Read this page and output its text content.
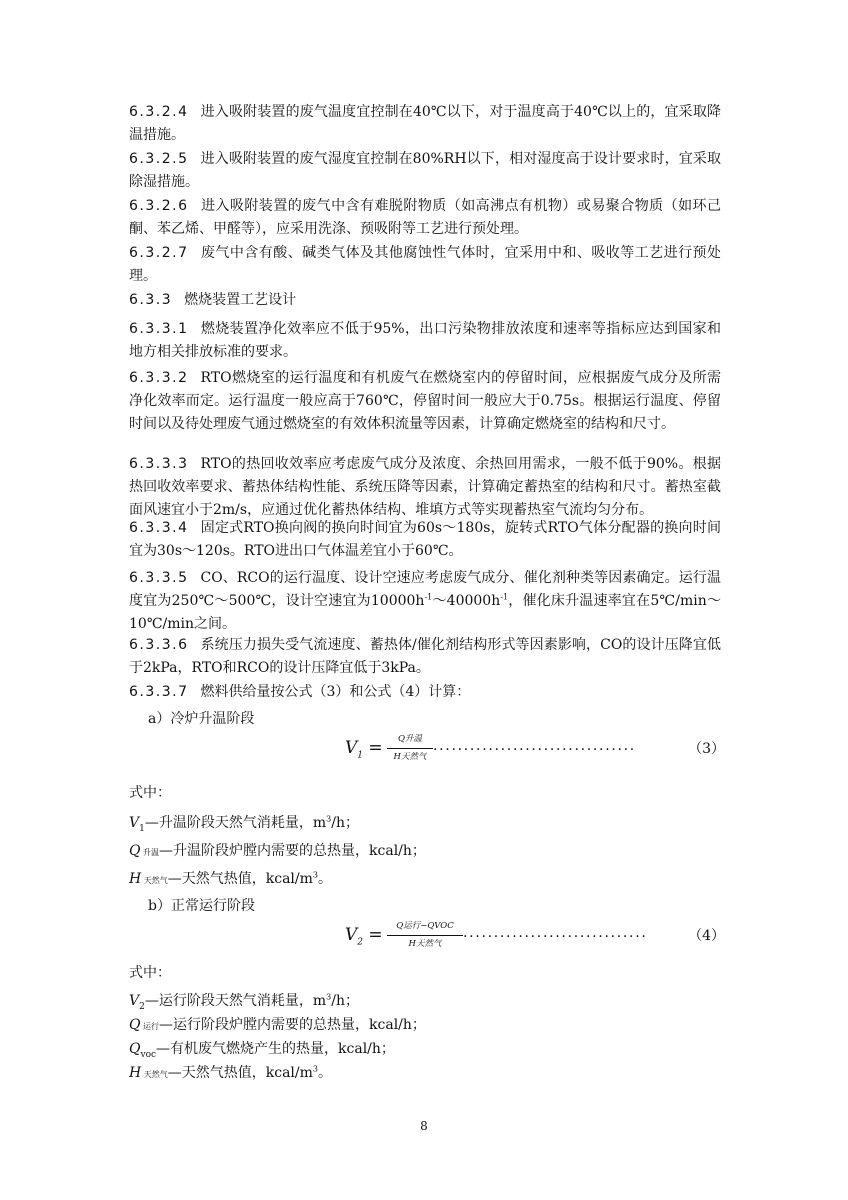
6.3.2.4 进入吸附装置的废气温度宜控制在40℃以下，对于温度高于40℃以上的，宜采取降温措施。
6.3.2.5 进入吸附装置的废气湿度宜控制在80%RH以下，相对湿度高于设计要求时，宜采取除湿措施。
6.3.2.6 进入吸附装置的废气中含有难脱附物质（如高沸点有机物）或易聚合物质（如环己酮、苯乙烯、甲醛等），应采用洗涤、预吸附等工艺进行预处理。
6.3.2.7 废气中含有酸、碱类气体及其他腐蚀性气体时，宜采用中和、吸收等工艺进行预处理。
6.3.3 燃烧装置工艺设计
6.3.3.1 燃烧装置净化效率应不低于95%，出口污染物排放浓度和速率等指标应达到国家和地方相关排放标准的要求。
6.3.3.2 RTO燃烧室的运行温度和有机废气在燃烧室内的停留时间，应根据废气成分及所需净化效率而定。运行温度一般应高于760℃，停留时间一般应大于0.75s。根据运行温度、停留时间以及待处理废气通过燃烧室的有效体积流量等因素，计算确定燃烧室的结构和尺寸。
6.3.3.3 RTO的热回收效率应考虑废气成分及浓度、余热回用需求，一般不低于90%。根据热回收效率要求、蓄热体结构性能、系统压降等因素，计算确定蓄热室的结构和尺寸。蓄热室截面风速宜小于2m/s，应通过优化蓄热体结构、堆填方式等实现蓄热室气流均匀分布。
6.3.3.4 固定式RTO换向阀的换向时间宜为60s～180s，旋转式RTO气体分配器的换向时间宜为30s～120s。RTO进出口气体温差宜小于60℃。
6.3.3.5 CO、RCO的运行温度、设计空速应考虑废气成分、催化剂种类等因素确定。运行温度宜为250℃～500℃，设计空速宜为$10000h^{-1}\sim 40000h^{-1}$，催化床升温速率宜在5℃/min～10℃/min之间。
6.3.3.6 系统压力损失受气流速度、蓄热体/催化剂结构形式等因素影响，CO的设计压降宜低于2kPa，RTO和RCO的设计压降宜低于3kPa。
6.3.3.7 燃料供给量按公式（3）和公式（4）计算：
a）冷炉升温阶段
$V_1$ =	Q升温
H天然气
.................................	（3）
式中：
$V_1—$升温阶段天然气消耗量，$m^3/h$；
Q 升温—升温阶段炉膛内需要的总热量，kcal/h；
H 天然气—天然气热值，kcal/$m^3$。
b）正常运行阶段
$V_2$ =	Q运行−QVOC
H天然气
..............................	（4）
式中：
$V_2—$运行阶段天然气消耗量，$m^3/h$；
Q 运行—运行阶段炉膛内需要的总热量，kcal/h；
$Q_{voc}—$有机废气燃烧产生的热量，kcal/h；
H 天然气—天然气热值，kcal/$m^3$。
8
